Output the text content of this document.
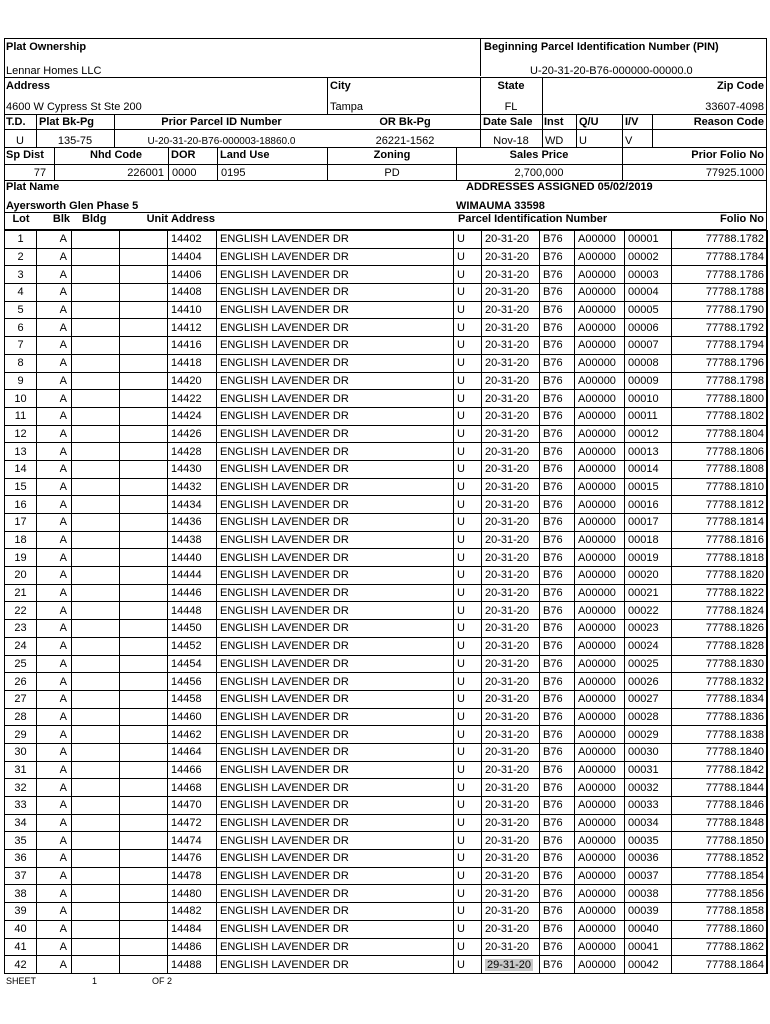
Plat Ownership	Beginning Parcel Identification Number (PIN)
Lennar Homes LLC	U-20-31-20-B76-000000-00000.0
Address	City	State	Zip Code
4600 W Cypress St Ste 200	Tampa	FL	33607-4098
T.D. Plat Bk-Pg	Prior Parcel ID Number	OR Bk-Pg	Date Sale Inst Q/U I/V	Reason Code
U	135-75	U-20-31-20-B76-000003-18860.0	26221-1562	Nov-18	WD U	V
Sp Dist	Nhd Code	DOR Land Use	Zoning	Sales Price	Prior Folio No
77	226001 0000 0195	PD	2,700,000	77925.1000
Plat Name	ADDRESSES ASSIGNED 05/02/2019
Ayersworth Glen Phase 5	WIMAUMA 33598
Lot	Blk Bldg	Unit Address	Parcel Identification Number	Folio No
1	A			14402	ENGLISH LAVENDER DR	U	20-31-20	B76	A00000	00001	77788.1782
2	A			14404	ENGLISH LAVENDER DR	U	20-31-20	B76	A00000	00002	77788.1784
3	A			14406	ENGLISH LAVENDER DR	U	20-31-20	B76	A00000	00003	77788.1786
4	A			14408	ENGLISH LAVENDER DR	U	20-31-20	B76	A00000	00004	77788.1788
5	A			14410	ENGLISH LAVENDER DR	U	20-31-20	B76	A00000	00005	77788.1790
6	A			14412	ENGLISH LAVENDER DR	U	20-31-20	B76	A00000	00006	77788.1792
7	A			14416	ENGLISH LAVENDER DR	U	20-31-20	B76	A00000	00007	77788.1794
8	A			14418	ENGLISH LAVENDER DR	U	20-31-20	B76	A00000	00008	77788.1796
9	A			14420	ENGLISH LAVENDER DR	U	20-31-20	B76	A00000	00009	77788.1798
10	A			14422	ENGLISH LAVENDER DR	U	20-31-20	B76	A00000	00010	77788.1800
11	A			14424	ENGLISH LAVENDER DR	U	20-31-20	B76	A00000	00011	77788.1802
12	A			14426	ENGLISH LAVENDER DR	U	20-31-20	B76	A00000	00012	77788.1804
13	A			14428	ENGLISH LAVENDER DR	U	20-31-20	B76	A00000	00013	77788.1806
14	A			14430	ENGLISH LAVENDER DR	U	20-31-20	B76	A00000	00014	77788.1808
15	A			14432	ENGLISH LAVENDER DR	U	20-31-20	B76	A00000	00015	77788.1810
16	A			14434	ENGLISH LAVENDER DR	U	20-31-20	B76	A00000	00016	77788.1812
17	A			14436	ENGLISH LAVENDER DR	U	20-31-20	B76	A00000	00017	77788.1814
18	A			14438	ENGLISH LAVENDER DR	U	20-31-20	B76	A00000	00018	77788.1816
19	A			14440	ENGLISH LAVENDER DR	U	20-31-20	B76	A00000	00019	77788.1818
20	A			14444	ENGLISH LAVENDER DR	U	20-31-20	B76	A00000	00020	77788.1820
21	A			14446	ENGLISH LAVENDER DR	U	20-31-20	B76	A00000	00021	77788.1822
22	A			14448	ENGLISH LAVENDER DR	U	20-31-20	B76	A00000	00022	77788.1824
23	A			14450	ENGLISH LAVENDER DR	U	20-31-20	B76	A00000	00023	77788.1826
24	A			14452	ENGLISH LAVENDER DR	U	20-31-20	B76	A00000	00024	77788.1828
25	A			14454	ENGLISH LAVENDER DR	U	20-31-20	B76	A00000	00025	77788.1830
26	A			14456	ENGLISH LAVENDER DR	U	20-31-20	B76	A00000	00026	77788.1832
27	A			14458	ENGLISH LAVENDER DR	U	20-31-20	B76	A00000	00027	77788.1834
28	A			14460	ENGLISH LAVENDER DR	U	20-31-20	B76	A00000	00028	77788.1836
29	A			14462	ENGLISH LAVENDER DR	U	20-31-20	B76	A00000	00029	77788.1838
30	A			14464	ENGLISH LAVENDER DR	U	20-31-20	B76	A00000	00030	77788.1840
31	A			14466	ENGLISH LAVENDER DR	U	20-31-20	B76	A00000	00031	77788.1842
32	A			14468	ENGLISH LAVENDER DR	U	20-31-20	B76	A00000	00032	77788.1844
33	A			14470	ENGLISH LAVENDER DR	U	20-31-20	B76	A00000	00033	77788.1846
34	A			14472	ENGLISH LAVENDER DR	U	20-31-20	B76	A00000	00034	77788.1848
35	A			14474	ENGLISH LAVENDER DR	U	20-31-20	B76	A00000	00035	77788.1850
36	A			14476	ENGLISH LAVENDER DR	U	20-31-20	B76	A00000	00036	77788.1852
37	A			14478	ENGLISH LAVENDER DR	U	20-31-20	B76	A00000	00037	77788.1854
38	A			14480	ENGLISH LAVENDER DR	U	20-31-20	B76	A00000	00038	77788.1856
39	A			14482	ENGLISH LAVENDER DR	U	20-31-20	B76	A00000	00039	77788.1858
40	A			14484	ENGLISH LAVENDER DR	U	20-31-20	B76	A00000	00040	77788.1860
41	A			14486	ENGLISH LAVENDER DR	U	20-31-20	B76	A00000	00041	77788.1862
42	A			14488	ENGLISH LAVENDER DR	U	29-31-20	B76	A00000	00042	77788.1864
SHEET	1	OF 2
